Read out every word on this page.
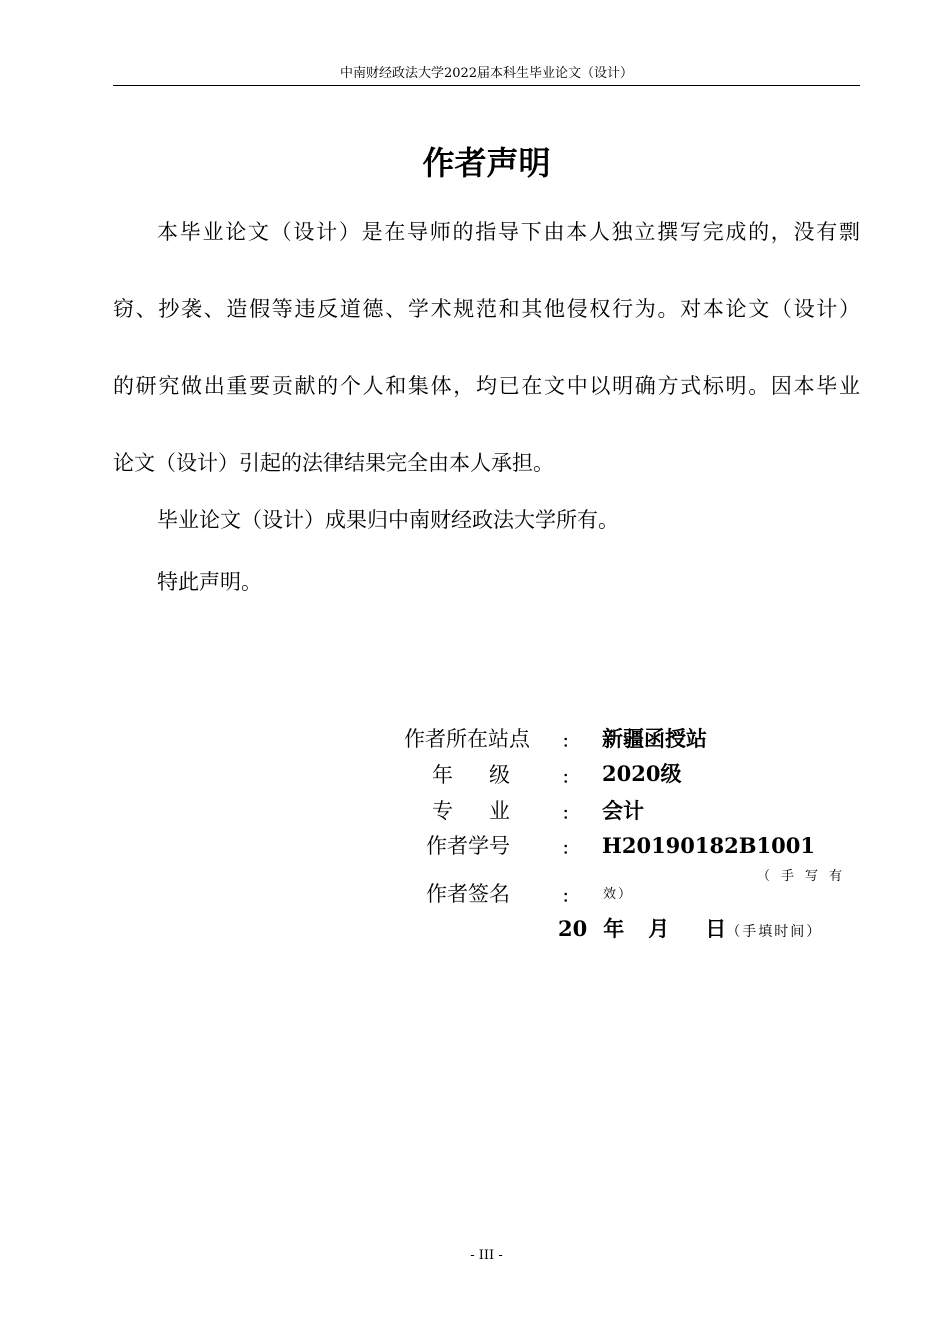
中南财经政法大学2022届本科生毕业论文（设计）
作者声明
本毕业论文（设计）是在导师的指导下由本人独立撰写完成的，没有剽
窃、抄袭、造假等违反道德、学术规范和其他侵权行为。对本论文（设计）
的研究做出重要贡献的个人和集体，均已在文中以明确方式标明。因本毕业
论文（设计）引起的法律结果完全由本人承担。
毕业论文（设计）成果归中南财经政法大学所有。
特此声明。
作者所在站点 ： 新疆函授站
年 级	： 2020级
专 业	： 会计
作者学号	： H20190182B1001
作者签名	：
（手写有
效）
20 年 月 日（手填时间）
- III -
